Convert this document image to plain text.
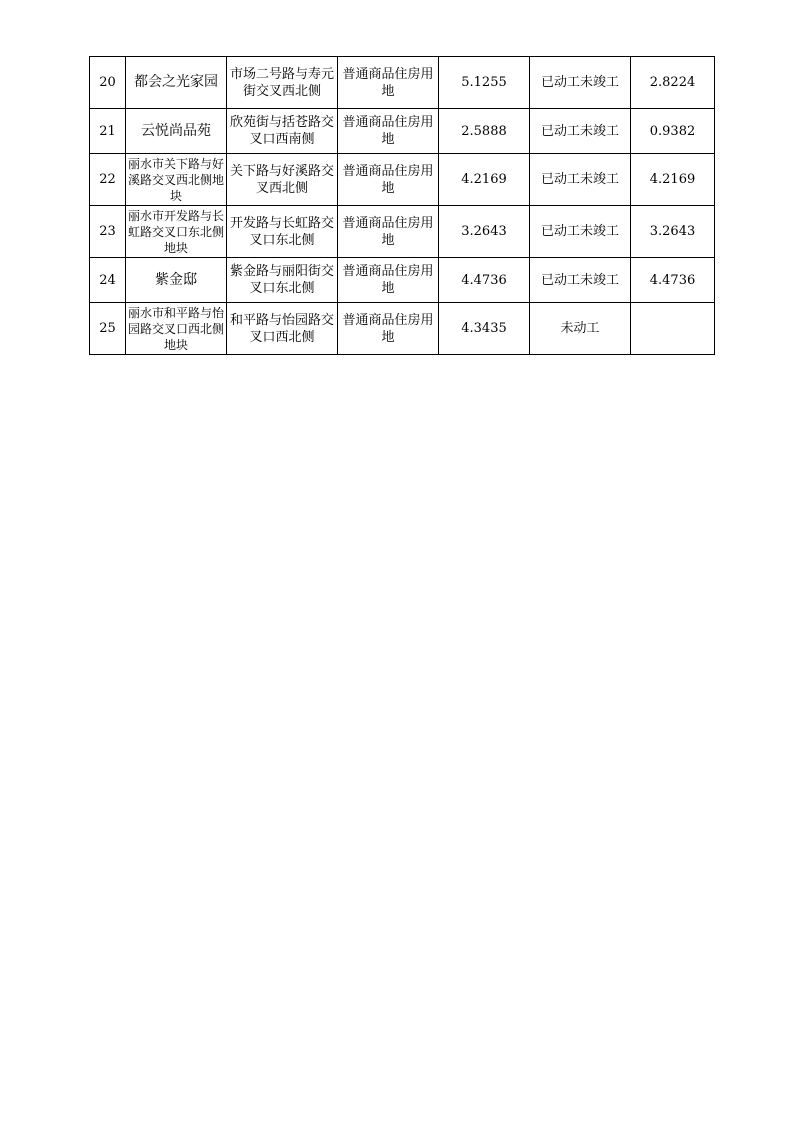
20	都会之光家园	市场二号路与寿元街交叉西北侧	普通商品住房用地	5.1255	已动工未竣工	2.8224
21	云悦尚品苑	欣苑街与括苍路交叉口西南侧	普通商品住房用地	2.5888	已动工未竣工	0.9382
22	丽水市关下路与好溪路交叉西北侧地块	关下路与好溪路交叉西北侧	普通商品住房用地	4.2169	已动工未竣工	4.2169
23	丽水市开发路与长虹路交叉口东北侧地块	开发路与长虹路交叉口东北侧	普通商品住房用地	3.2643	已动工未竣工	3.2643
24	紫金邸	紫金路与丽阳街交叉口东北侧	普通商品住房用地	4.4736	已动工未竣工	4.4736
25	丽水市和平路与怡园路交叉口西北侧地块	和平路与怡园路交叉口西北侧	普通商品住房用地	4.3435	未动工	
